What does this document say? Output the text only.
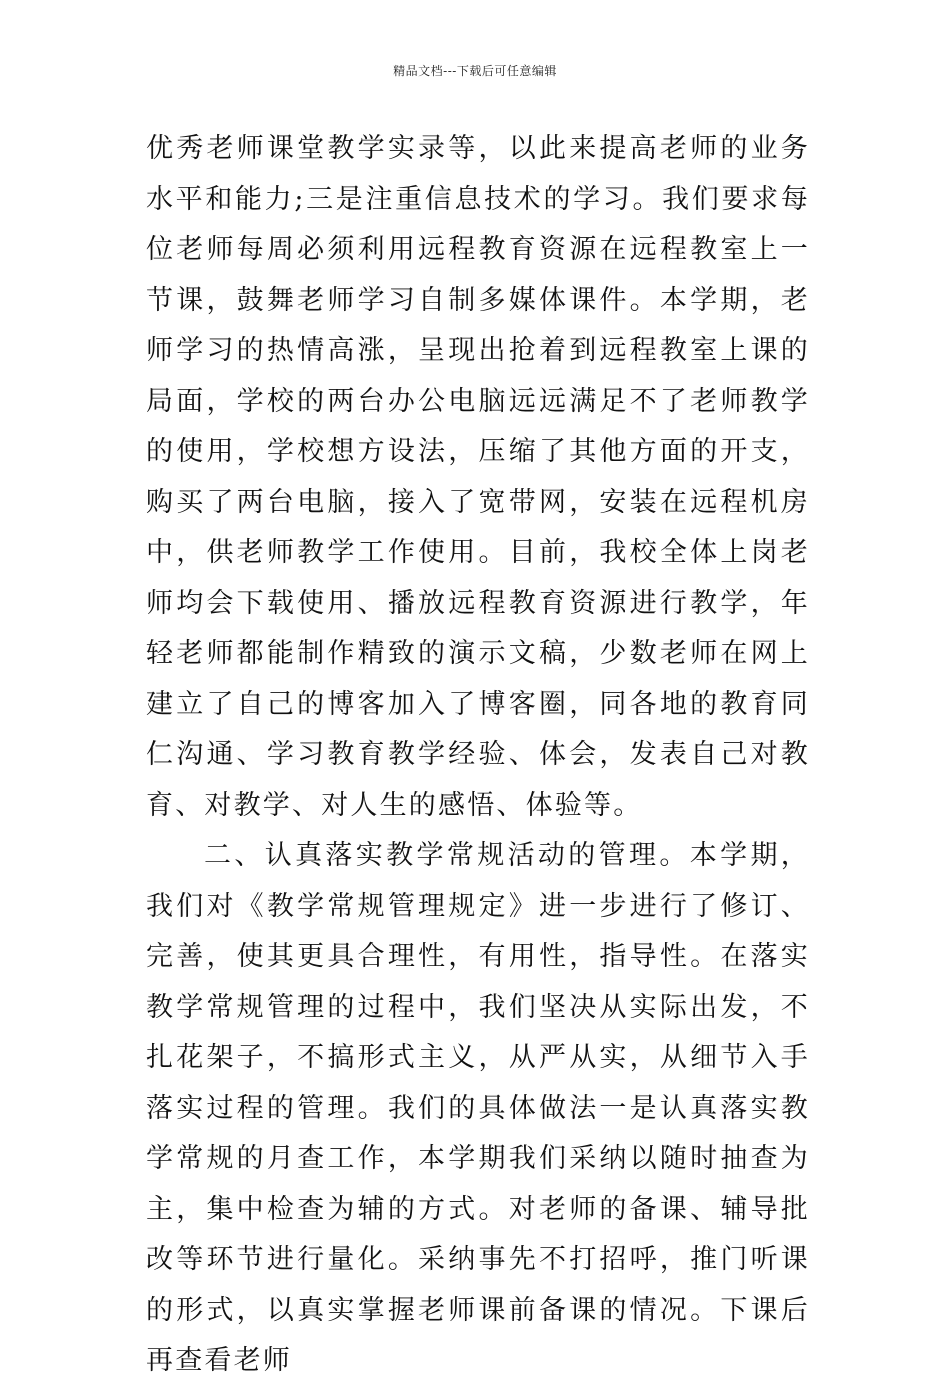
精品文档---下载后可任意编辑

优秀老师课堂教学实录等，以此来提高老师的业务水平和能力;三是注重信息技术的学习。我们要求每位老师每周必须利用远程教育资源在远程教室上一节课，鼓舞老师学习自制多媒体课件。本学期，老师学习的热情高涨，呈现出抢着到远程教室上课的局面，学校的两台办公电脑远远满足不了老师教学的使用，学校想方设法，压缩了其他方面的开支，购买了两台电脑，接入了宽带网，安装在远程机房中，供老师教学工作使用。目前，我校全体上岗老师均会下载使用、播放远程教育资源进行教学，年轻老师都能制作精致的演示文稿，少数老师在网上建立了自己的博客加入了博客圈，同各地的教育同仁沟通、学习教育教学经验、体会，发表自己对教育、对教学、对人生的感悟、体验等。

二、认真落实教学常规活动的管理。本学期，我们对《教学常规管理规定》进一步进行了修订、完善，使其更具合理性，有用性，指导性。在落实教学常规管理的过程中，我们坚决从实际出发，不扎花架子，不搞形式主义，从严从实，从细节入手落实过程的管理。我们的具体做法一是认真落实教学常规的月查工作，本学期我们采纳以随时抽查为主，集中检查为辅的方式。对老师的备课、辅导批改等环节进行量化。采纳事先不打招呼，推门听课的形式，以真实掌握老师课前备课的情况。下课后再查看老师
